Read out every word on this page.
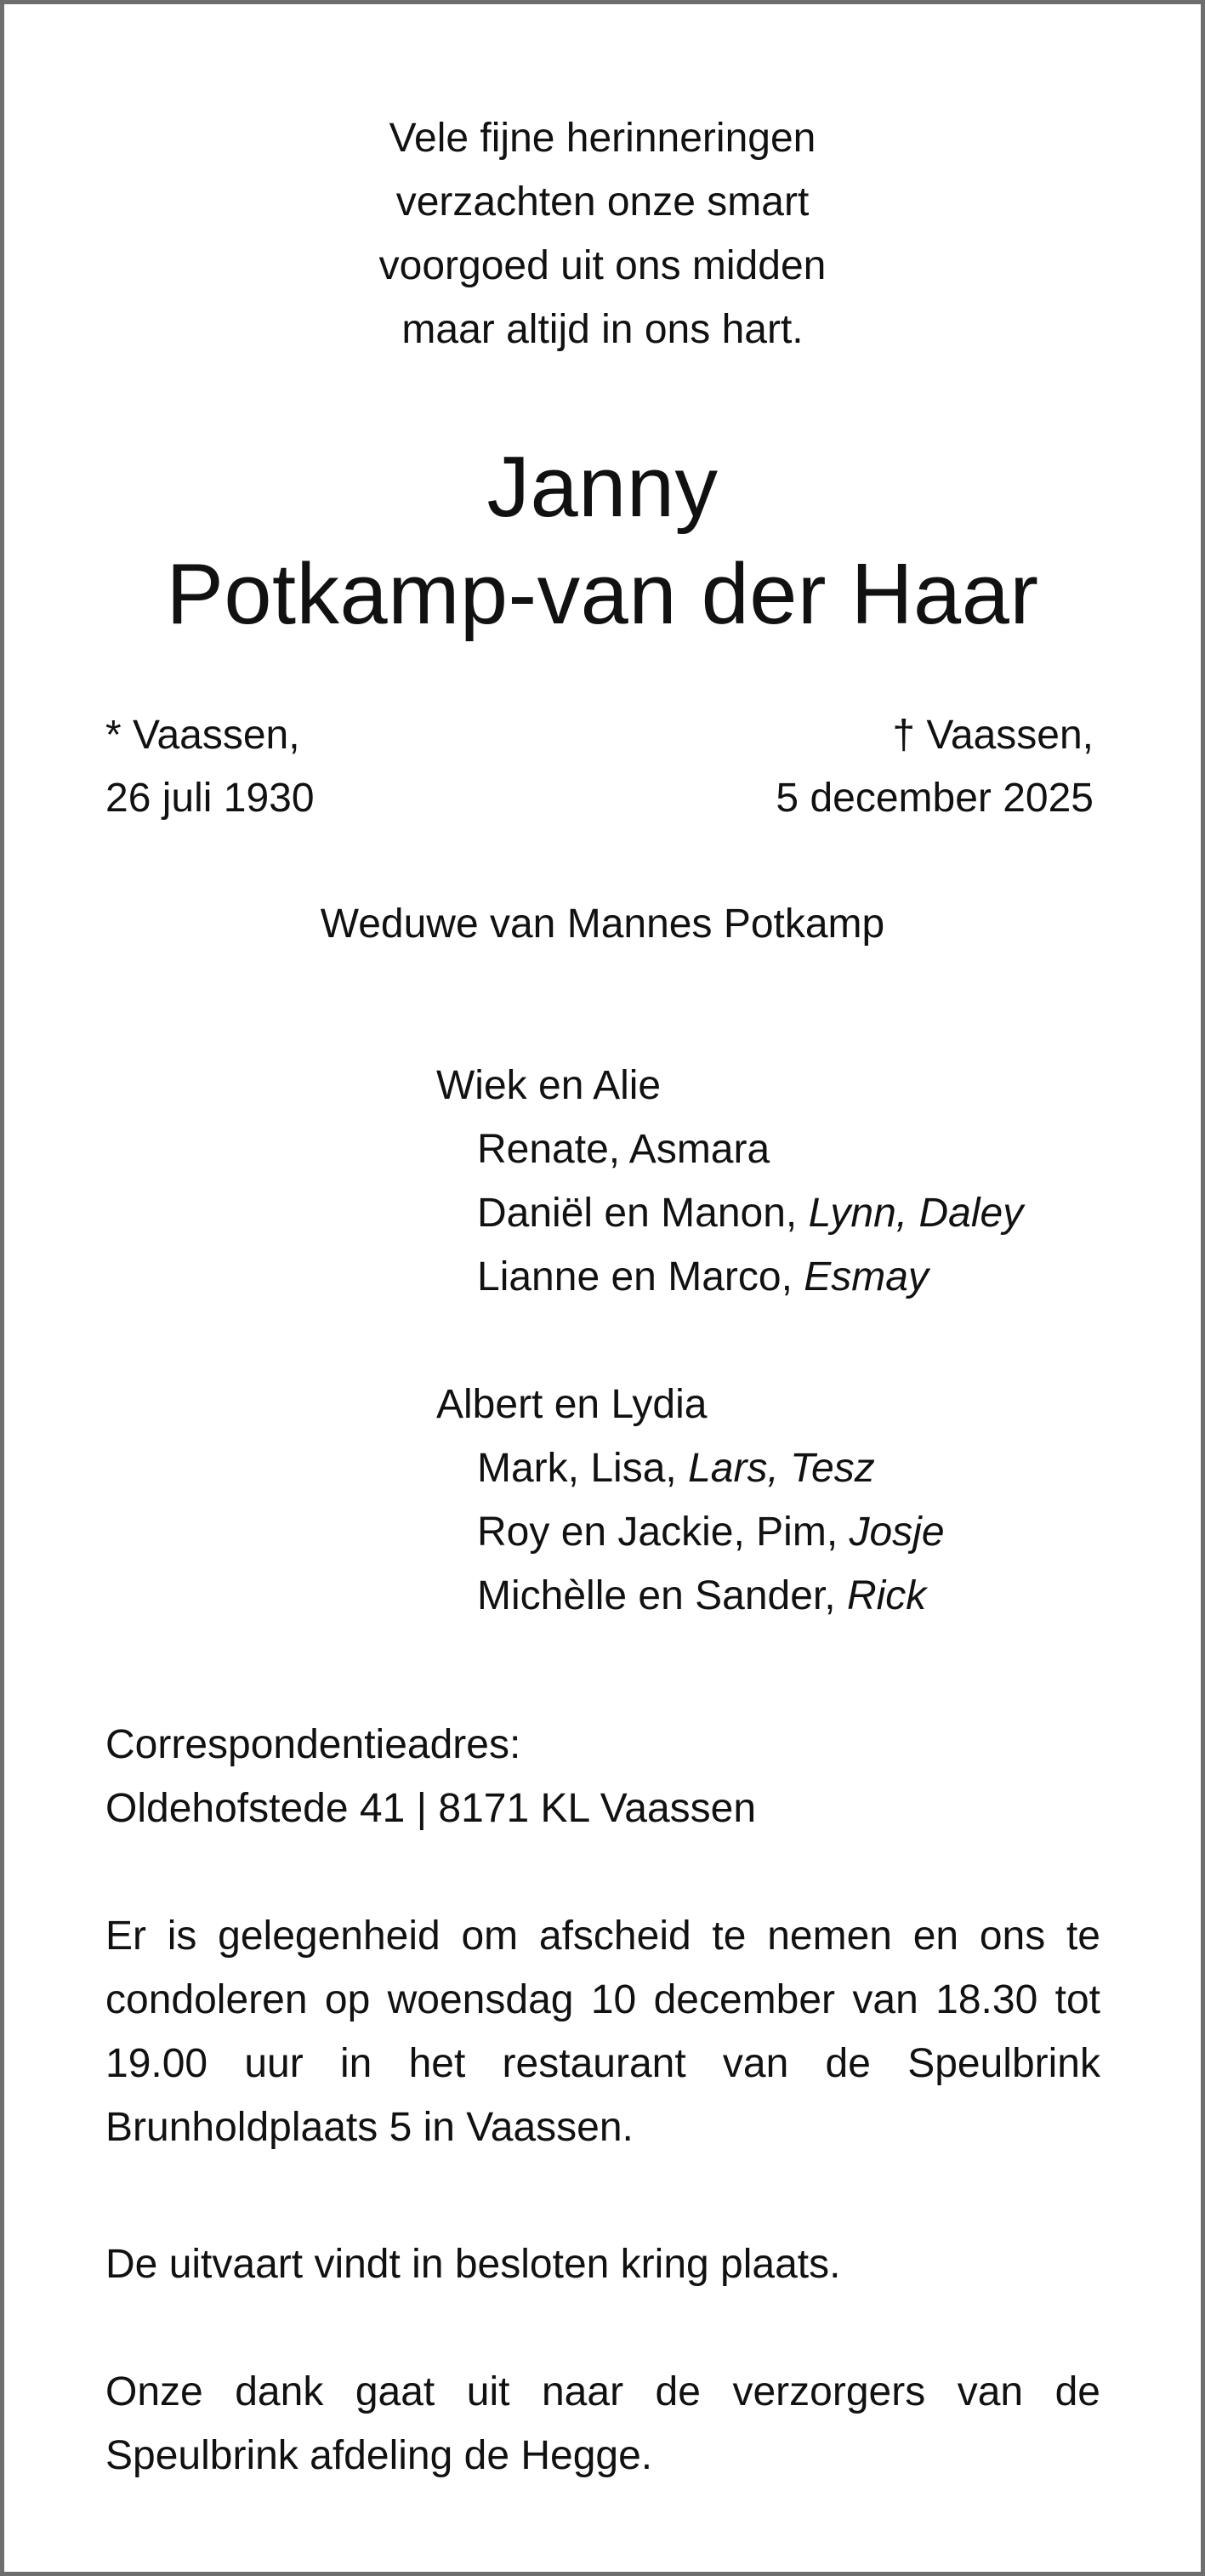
Vele fijne herinneringen
verzachten onze smart
voorgoed uit ons midden
maar altijd in ons hart.
Janny
Potkamp-van der Haar
* Vaassen,
26 juli 1930
† Vaassen,
5 december 2025
Weduwe van Mannes Potkamp
Wiek en Alie
Renate, Asmara
Daniël en Manon, Lynn, Daley
Lianne en Marco, Esmay
Albert en Lydia
Mark, Lisa, Lars, Tesz
Roy en Jackie, Pim, Josje
Michèlle en Sander, Rick
Correspondentieadres:
Oldehofstede 41 | 8171 KL Vaassen
Er is gelegenheid om afscheid te nemen en ons te condoleren op woensdag 10 december van 18.30 tot 19.00 uur in het restaurant van de Speulbrink Brunholdplaats 5 in Vaassen.
De uitvaart vindt in besloten kring plaats.
Onze dank gaat uit naar de verzorgers van de Speulbrink afdeling de Hegge.
